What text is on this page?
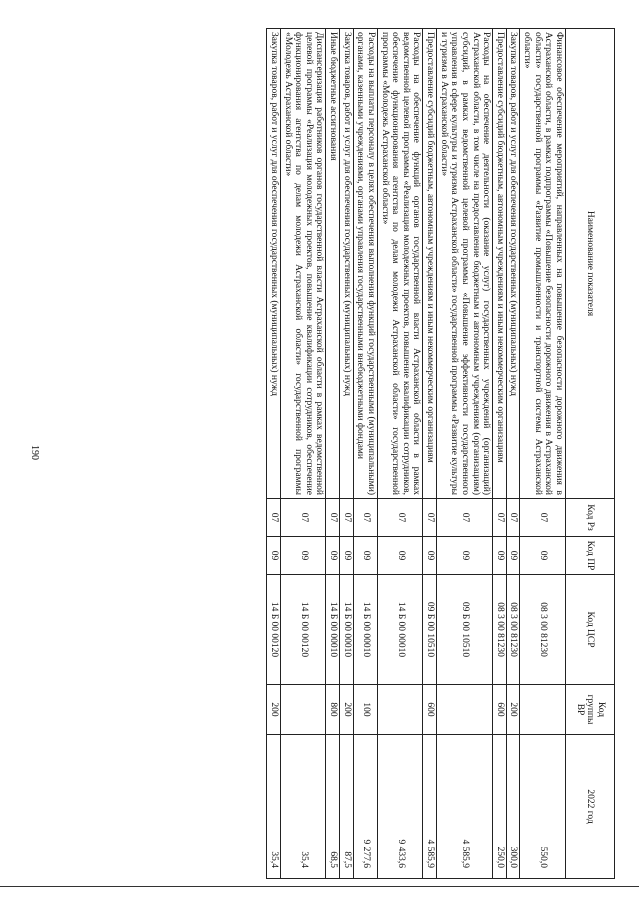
190
Наименование показателя	Код Рз	Код ПР	Код ЦСР	Код группы ВР	2022 год
Финансовое обеспечение мероприятий, направленных на повышение безопасности дорожного движения в Астраханской области, в рамках подпрограммы «Повышение безопасности дорожного движения в Астраханской области» государственной программы «Развитие промышленности и транспортной системы Астраханской области»	07	09	08 3 00 81230		550,0
Закупка товаров, работ и услуг для обеспечения государственных (муниципальных) нужд	07	09	08 3 00 81230	200	300,0
Предоставление субсидий бюджетным, автономным учреждениям и иным некоммерческим организациям	07	09	08 3 00 81230	600	250,0
Расходы на обеспечение деятельности (оказание услуг) государственных учреждений (организаций) Астраханской области, в том числе на предоставление бюджетным и автономным учреждениям (организациям) субсидий, в рамках ведомственной целевой программы «Повышение эффективности государственного управления в сфере культуры и туризма Астраханской области» государственной программы «Развитие культуры и туризма в Астраханской области»	07	09	09 Б 00 10510		4 585,9
Предоставление субсидий бюджетным, автономным учреждениям и иным некоммерческим организациям	07	09	09 Б 00 10510	600	4 585,9
Расходы на обеспечение функций органов государственной власти Астраханской области в рамках ведомственной целевой программы «Реализация молодежных проектов, повышение квалификации сотрудников, обеспечение функционирования агентства по делам молодежи Астраханской области» государственной программы «Молодежь Астраханской области»	07	09	14 Б 00 00010		9 433,6
Расходы на выплаты персоналу в целях обеспечения выполнения функций государственными (муниципальными) органами, казенными учреждениями, органами управления государственными внебюджетными фондами	07	09	14 Б 00 00010	100	9 277,6
Закупка товаров, работ и услуг для обеспечения государственных (муниципальных) нужд	07	09	14 Б 00 00010	200	87,5
Иные бюджетные ассигнования	07	09	14 Б 00 00010	800	68,5
Диспансеризация работников органов государственной власти Астраханской области в рамках ведомственной целевой программы «Реализация молодежных проектов, повышение квалификации сотрудников, обеспечение функционирования агентства по делам молодежи Астраханской области» государственной программы «Молодежь Астраханской области»	07	09	14 Б 00 00120		35,4
Закупка товаров, работ и услуг для обеспечения государственных (муниципальных) нужд	07	09	14 Б 00 00120	200	35,4
